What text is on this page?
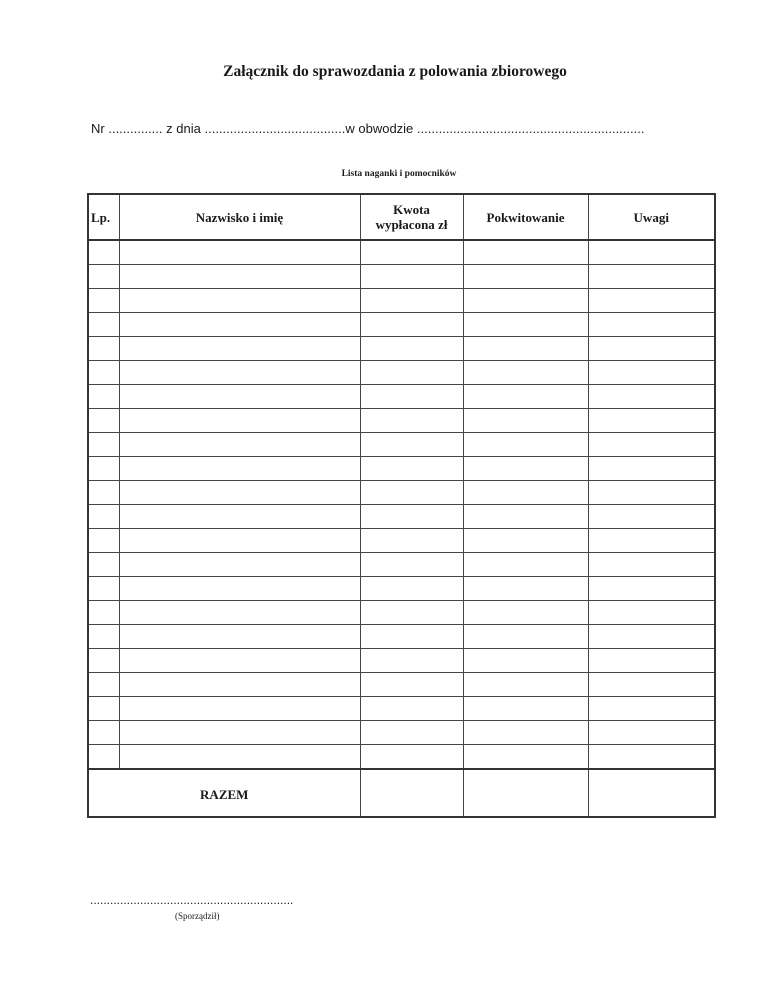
Załącznik do sprawozdania z polowania zbiorowego
Nr ............... z dnia .......................................w obwodzie ...............................................................
Lista naganki i pomocników
Lp.	Nazwisko i imię	Kwota wypłacona zł	Pokwitowanie	Uwagi

RAZEM				
.............................................................
(Sporządził)
